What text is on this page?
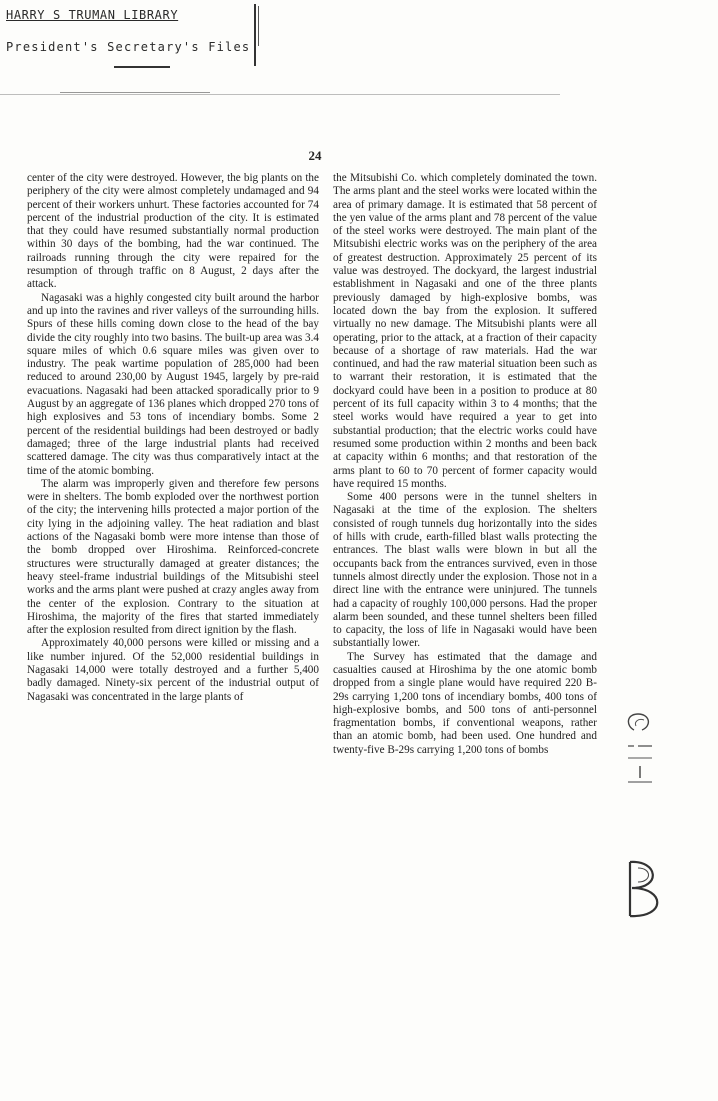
HARRY S TRUMAN LIBRARY
President's Secretary's Files
24

center of the city were destroyed. However, the big plants on the periphery of the city were almost completely undamaged and 94 percent of their workers unhurt. These factories accounted for 74 percent of the industrial production of the city. It is estimated that they could have resumed substantially normal production within 30 days of the bombing, had the war continued. The railroads running through the city were repaired for the resumption of through traffic on 8 August, 2 days after the attack.

Nagasaki was a highly congested city built around the harbor and up into the ravines and river valleys of the surrounding hills. Spurs of these hills coming down close to the head of the bay divide the city roughly into two basins. The built-up area was 3.4 square miles of which 0.6 square miles was given over to industry. The peak wartime population of 285,000 had been reduced to around 230,00 by August 1945, largely by pre-raid evacuations. Nagasaki had been attacked sporadically prior to 9 August by an aggregate of 136 planes which dropped 270 tons of high explosives and 53 tons of incendiary bombs. Some 2 percent of the residential buildings had been destroyed or badly damaged; three of the large industrial plants had received scattered damage. The city was thus comparatively intact at the time of the atomic bombing.

The alarm was improperly given and therefore few persons were in shelters. The bomb exploded over the northwest portion of the city; the intervening hills protected a major portion of the city lying in the adjoining valley. The heat radiation and blast actions of the Nagasaki bomb were more intense than those of the bomb dropped over Hiroshima. Reinforced-concrete structures were structurally damaged at greater distances; the heavy steel-frame industrial buildings of the Mitsubishi steel works and the arms plant were pushed at crazy angles away from the center of the explosion. Contrary to the situation at Hiroshima, the majority of the fires that started immediately after the explosion resulted from direct ignition by the flash.

Approximately 40,000 persons were killed or missing and a like number injured. Of the 52,000 residential buildings in Nagasaki 14,000 were totally destroyed and a further 5,400 badly damaged. Ninety-six percent of the industrial output of Nagasaki was concentrated in the large plants of

the Mitsubishi Co. which completely dominated the town. The arms plant and the steel works were located within the area of primary damage. It is estimated that 58 percent of the yen value of the arms plant and 78 percent of the value of the steel works were destroyed. The main plant of the Mitsubishi electric works was on the periphery of the area of greatest destruction. Approximately 25 percent of its value was destroyed. The dockyard, the largest industrial establishment in Nagasaki and one of the three plants previously damaged by high-explosive bombs, was located down the bay from the explosion. It suffered virtually no new damage. The Mitsubishi plants were all operating, prior to the attack, at a fraction of their capacity because of a shortage of raw materials. Had the war continued, and had the raw material situation been such as to warrant their restoration, it is estimated that the dockyard could have been in a position to produce at 80 percent of its full capacity within 3 to 4 months; that the steel works would have required a year to get into substantial production; that the electric works could have resumed some production within 2 months and been back at capacity within 6 months; and that restoration of the arms plant to 60 to 70 percent of former capacity would have required 15 months.

Some 400 persons were in the tunnel shelters in Nagasaki at the time of the explosion. The shelters consisted of rough tunnels dug horizontally into the sides of hills with crude, earth-filled blast walls protecting the entrances. The blast walls were blown in but all the occupants back from the entrances survived, even in those tunnels almost directly under the explosion. Those not in a direct line with the entrance were uninjured. The tunnels had a capacity of roughly 100,000 persons. Had the proper alarm been sounded, and these tunnel shelters been filled to capacity, the loss of life in Nagasaki would have been substantially lower.

The Survey has estimated that the damage and casualties caused at Hiroshima by the one atomic bomb dropped from a single plane would have required 220 B-29s carrying 1,200 tons of incendiary bombs, 400 tons of high-explosive bombs, and 500 tons of anti-personnel fragmentation bombs, if conventional weapons, rather than an atomic bomb, had been used. One hundred and twenty-five B-29s carrying 1,200 tons of bombs
